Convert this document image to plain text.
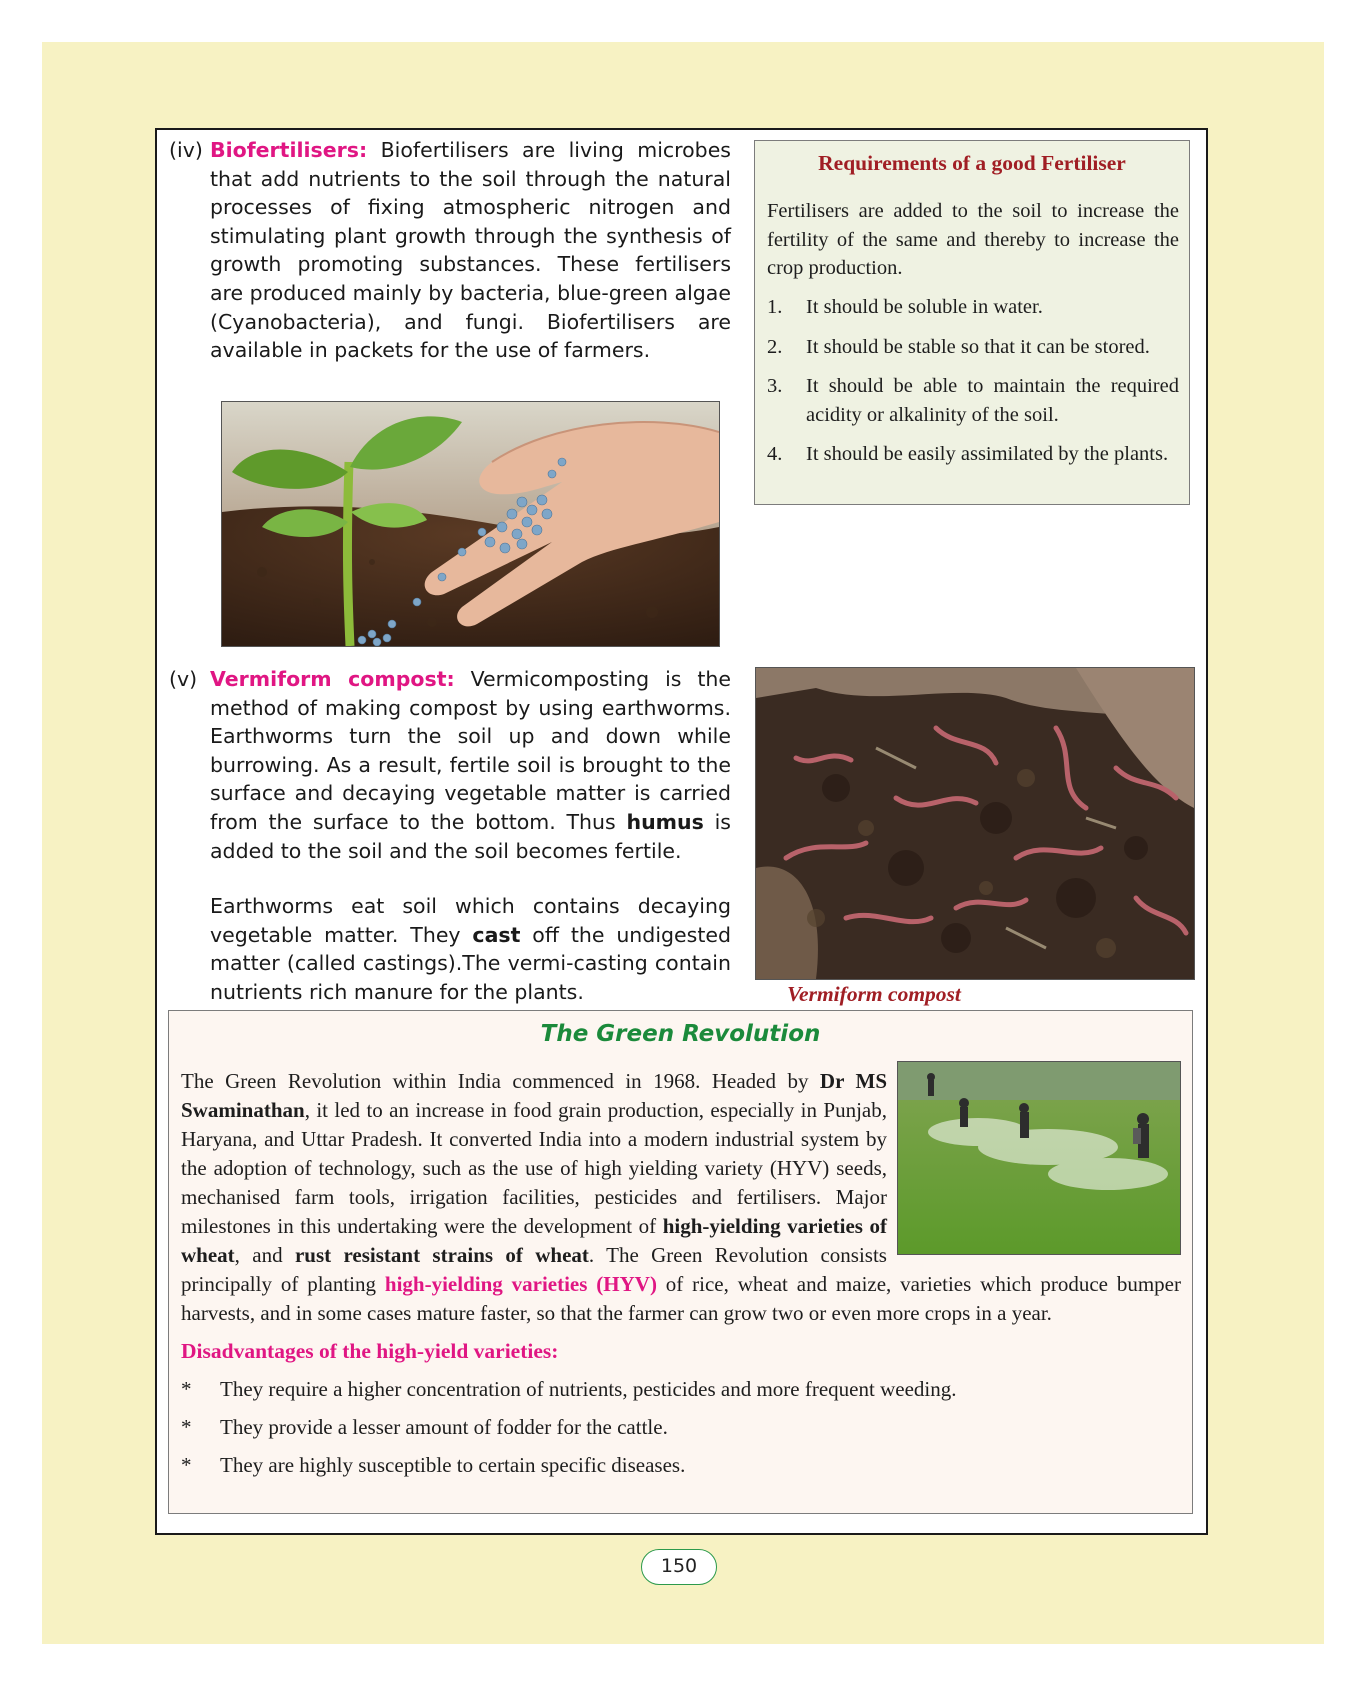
(iv) Biofertilisers: Biofertilisers are living microbes that add nutrients to the soil through the natural processes of fixing atmospheric nitrogen and stimulating plant growth through the synthesis of growth promoting substances. These fertilisers are produced mainly by bacteria, blue-green algae (Cyanobacteria), and fungi. Biofertilisers are available in packets for the use of farmers.

Requirements of a good Fertiliser

Fertilisers are added to the soil to increase the fertility of the same and thereby to increase the crop production.

1. It should be soluble in water.
2. It should be stable so that it can be stored.
3. It should be able to maintain the required acidity or alkalinity of the soil.
4. It should be easily assimilated by the plants.

(v) Vermiform compost: Vermicomposting is the method of making compost by using earthworms. Earthworms turn the soil up and down while burrowing. As a result, fertile soil is brought to the surface and decaying vegetable matter is carried from the surface to the bottom. Thus humus is added to the soil and the soil becomes fertile.

Earthworms eat soil which contains decaying vegetable matter. They cast off the undigested matter (called castings).The vermi-casting contain nutrients rich manure for the plants.	Vermiform compost
The Green Revolution

The Green Revolution within India commenced in 1968. Headed by Dr MS Swaminathan, it led to an increase in food grain production, especially in Punjab, Haryana, and Uttar Pradesh. It converted India into a modern industrial system by the adoption of technology, such as the use of high yielding variety (HYV) seeds, mechanised farm tools, irrigation facilities, pesticides and fertilisers. Major milestones in this undertaking were the development of high-yielding varieties of wheat, and rust resistant strains of wheat. The Green Revolution consists principally of planting high-yielding varieties (HYV) of rice, wheat and maize, varieties which produce bumper harvests, and in some cases mature faster, so that the farmer can grow two or even more crops in a year.

Disadvantages of the high-yield varieties:

* They require a higher concentration of nutrients, pesticides and more frequent weeding.
* They provide a lesser amount of fodder for the cattle.
* They are highly susceptible to certain specific diseases.
150
